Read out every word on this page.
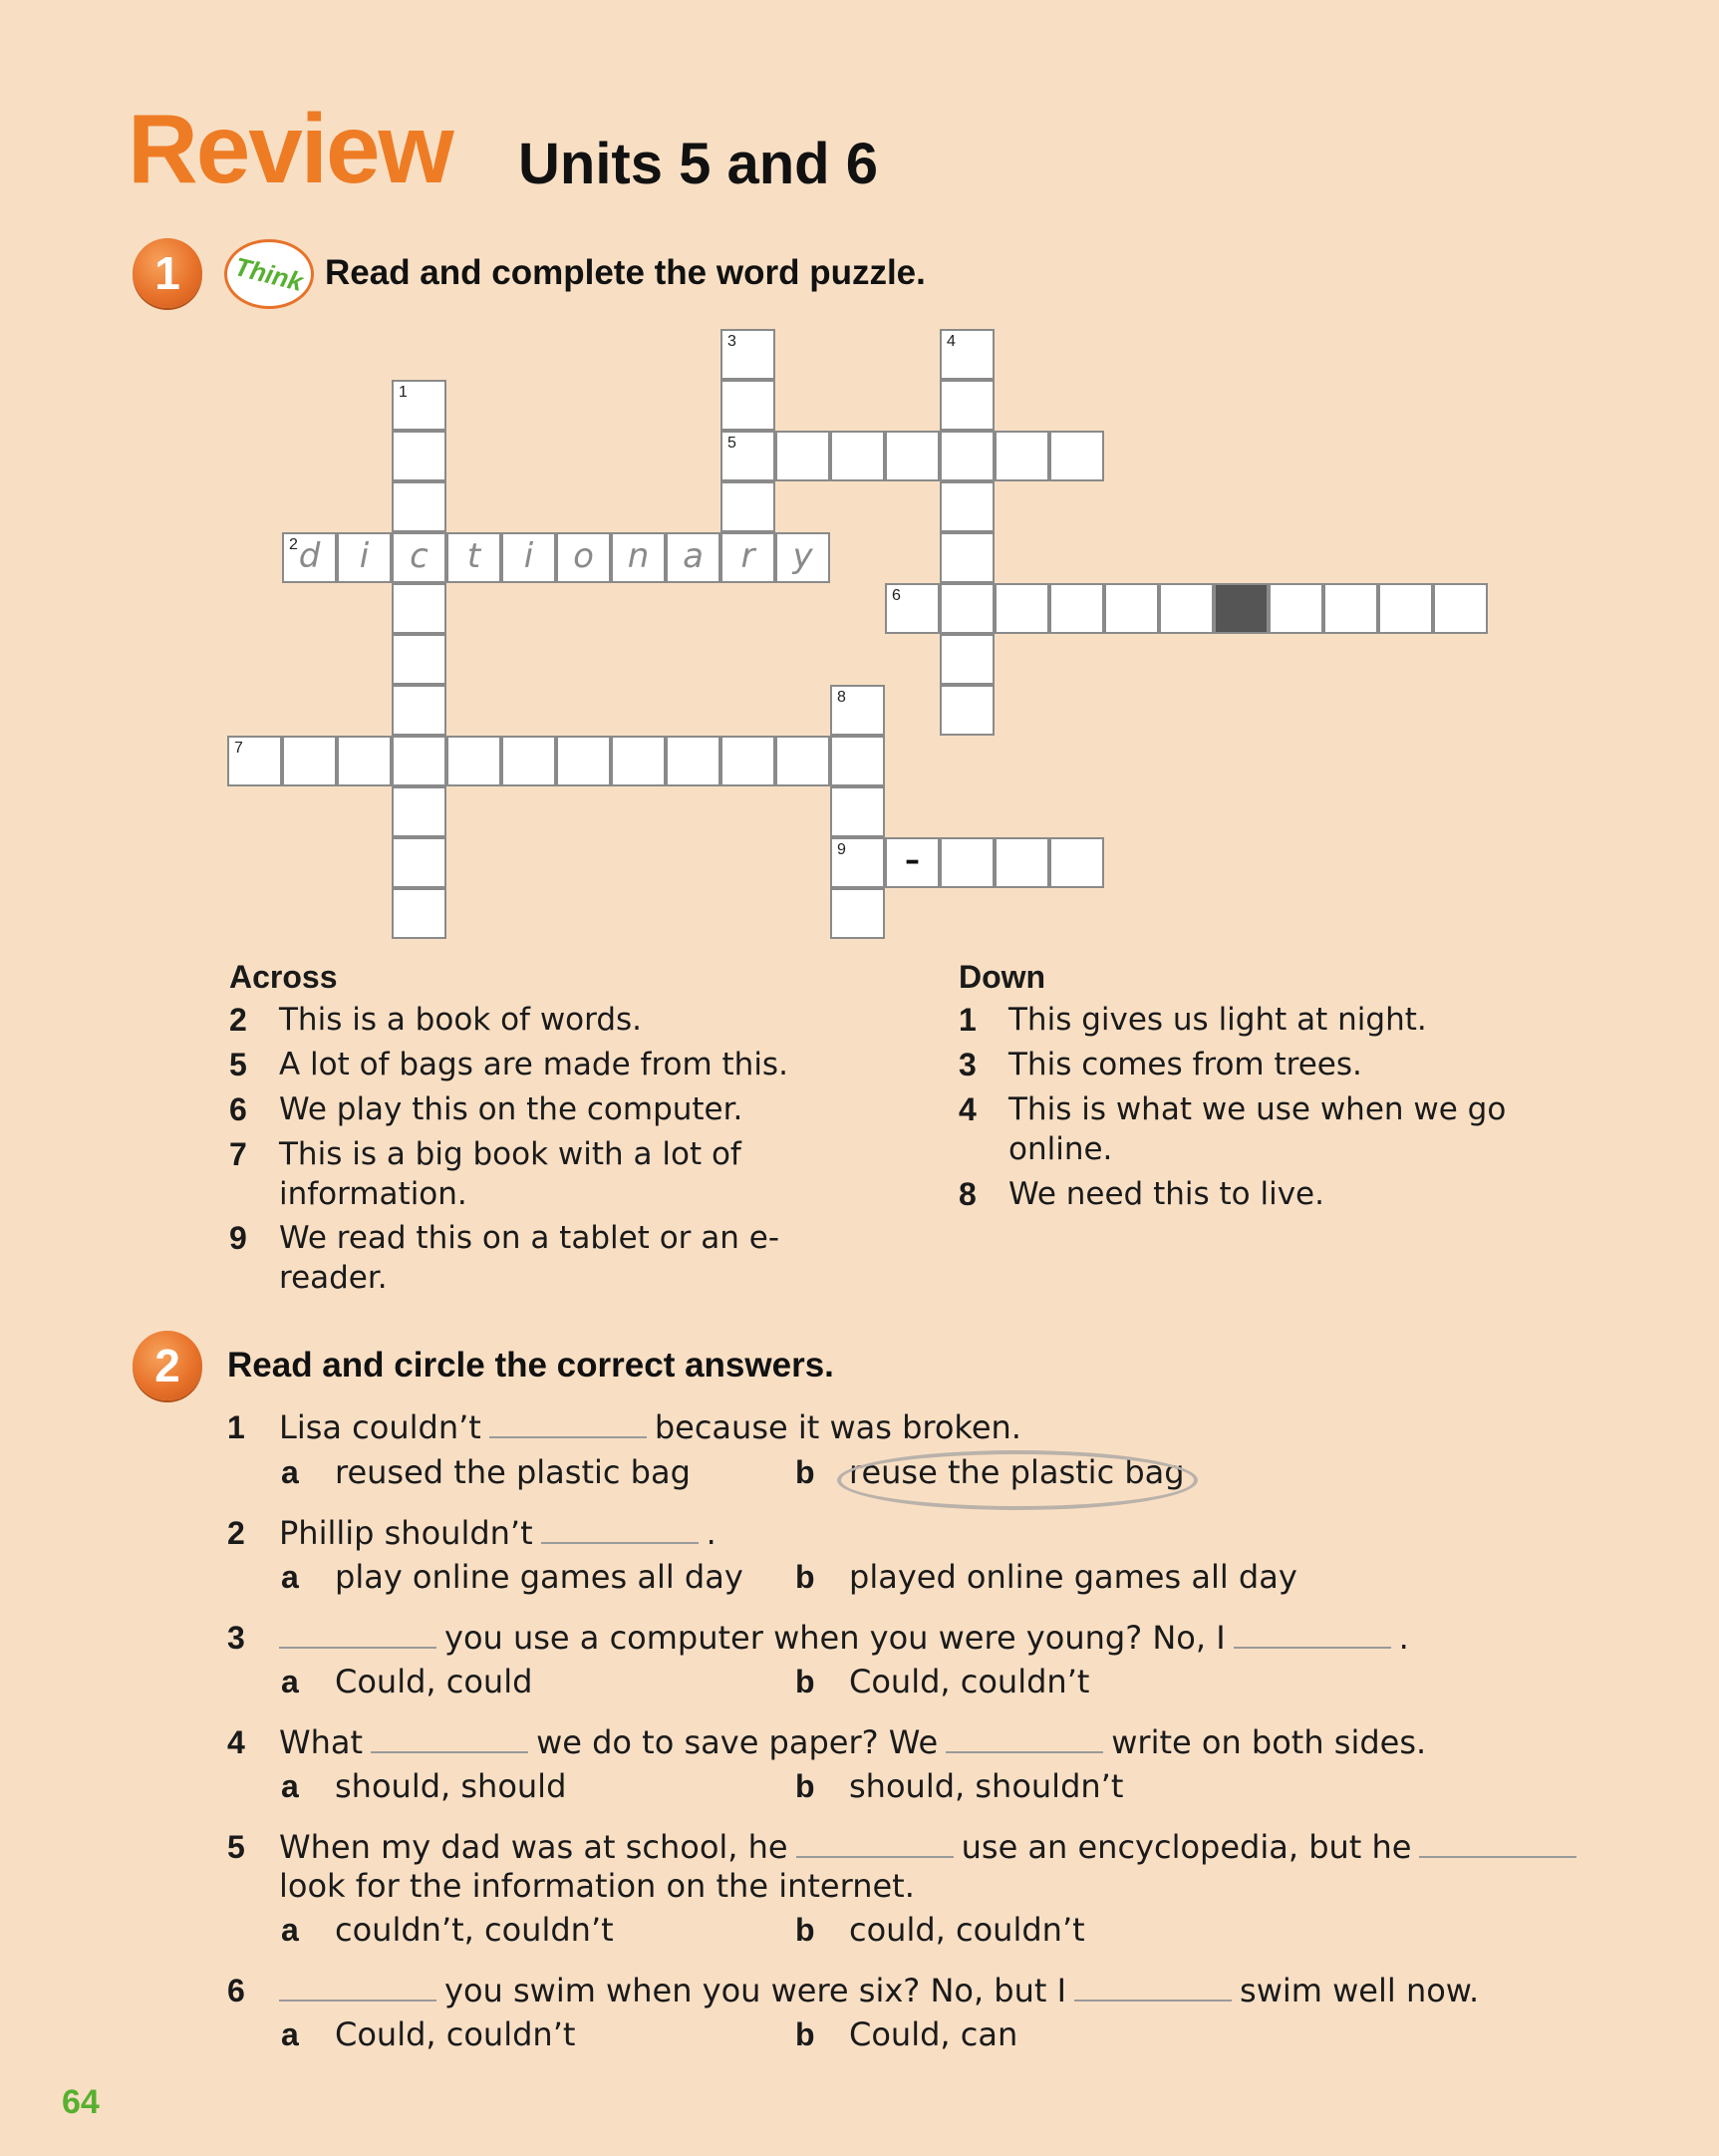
Review Units 5 and 6
1	Think Read and complete the word puzzle.
1
c
2 d	i	t	i	o n a	r	y
3
5
4
6
7
8
9	–
Across
2 This is a book of words.
5 A lot of bags are made from this.
6 We play this on the computer.
7 This is a big book with a lot of information.
9 We read this on a tablet or an e-reader.
Down
1 This gives us light at night.
3 This comes from trees.
4 This is what we use when we go online.
8 We need this to live.
2	Read and circle the correct answers.
1 Lisa couldn’t	because it was broken.
a reused the plastic bag	b reuse the plastic bag
2 Phillip shouldn’t	.
a play online games all day b played online games all day
3	you use a computer when you were young? No, I	.
a Could, could	b Could, couldn’t
4 What	we do to save paper? We	write on both sides.
a should, should	b should, shouldn’t
5 When my dad was at school, he	use an encyclopedia, but he
look for the information on the internet.
a couldn’t, couldn’t	b could, couldn’t
6	you swim when you were six? No, but I	swim well now.
a Could, couldn’t	b Could, can
64
